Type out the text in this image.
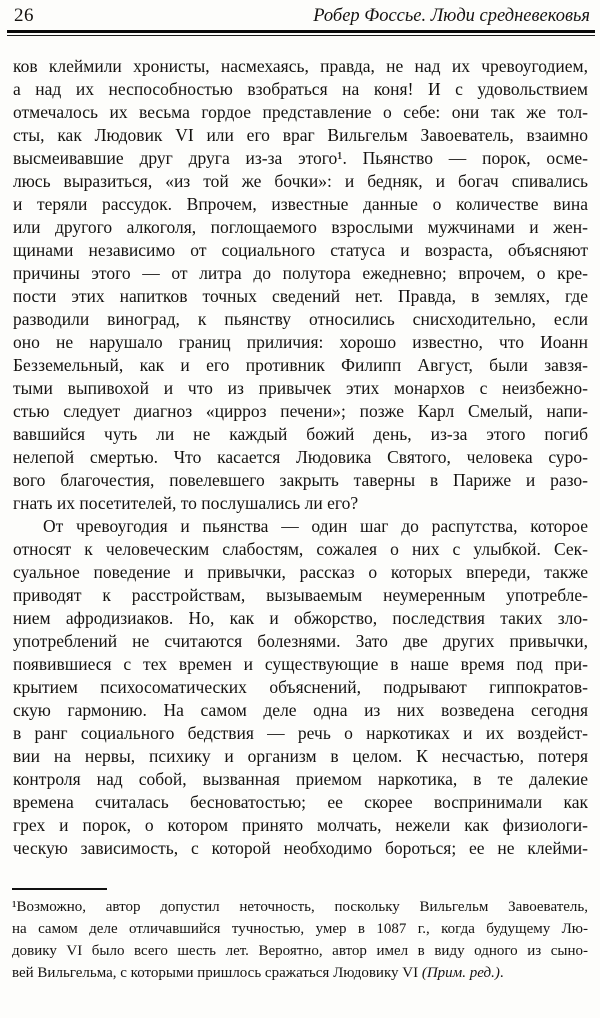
26	Робер Фоссье. Люди средневековья
ков клеймили хронисты, насмехаясь, правда, не над их чревоугодием,
а над их неспособностью взобраться на коня! И с удовольствием
отмечалось их весьма гордое представление о себе: они так же тол-
сты, как Людовик VI или его враг Вильгельм Завоеватель, взаимно
высмеивавшие друг друга из-за этого¹. Пьянство — порок, осме-
люсь выразиться, «из той же бочки»: и бедняк, и богач спивались
и теряли рассудок. Впрочем, известные данные о количестве вина
или другого алкоголя, поглощаемого взрослыми мужчинами и жен-
щинами независимо от социального статуса и возраста, объясняют
причины этого — от литра до полутора ежедневно; впрочем, о кре-
пости этих напитков точных сведений нет. Правда, в землях, где
разводили виноград, к пьянству относились снисходительно, если
оно не нарушало границ приличия: хорошо известно, что Иоанн
Безземельный, как и его противник Филипп Август, были завзя-
тыми выпивохой и что из привычек этих монархов с неизбежно-
стью следует диагноз «цирроз печени»; позже Карл Смелый, напи-
вавшийся чуть ли не каждый божий день, из-за этого погиб
нелепой смертью. Что касается Людовика Святого, человека суро-
вого благочестия, повелевшего закрыть таверны в Париже и разо-
гнать их посетителей, то послушались ли его?
От чревоугодия и пьянства — один шаг до распутства, которое
относят к человеческим слабостям, сожалея о них с улыбкой. Сек-
суальное поведение и привычки, рассказ о которых впереди, также
приводят к расстройствам, вызываемым неумеренным употребле-
нием афродизиаков. Но, как и обжорство, последствия таких зло-
употреблений не считаются болезнями. Зато две других привычки,
появившиеся с тех времен и существующие в наше время под при-
крытием психосоматических объяснений, подрывают гиппократов-
скую гармонию. На самом деле одна из них возведена сегодня
в ранг социального бедствия — речь о наркотиках и их воздейст-
вии на нервы, психику и организм в целом. К несчастью, потеря
контроля над собой, вызванная приемом наркотика, в те далекие
времена считалась бесноватостью; ее скорее воспринимали как
грех и порок, о котором принято молчать, нежели как физиологи-
ческую зависимость, с которой необходимо бороться; ее не клейми-
¹Возможно, автор допустил неточность, поскольку Вильгельм Завоеватель,
на самом деле отличавшийся тучностью, умер в 1087 г., когда будущему Лю-
довику VI было всего шесть лет. Вероятно, автор имел в виду одного из сыно-
вей Вильгельма, с которыми пришлось сражаться Людовику VI (Прим. ред.).
